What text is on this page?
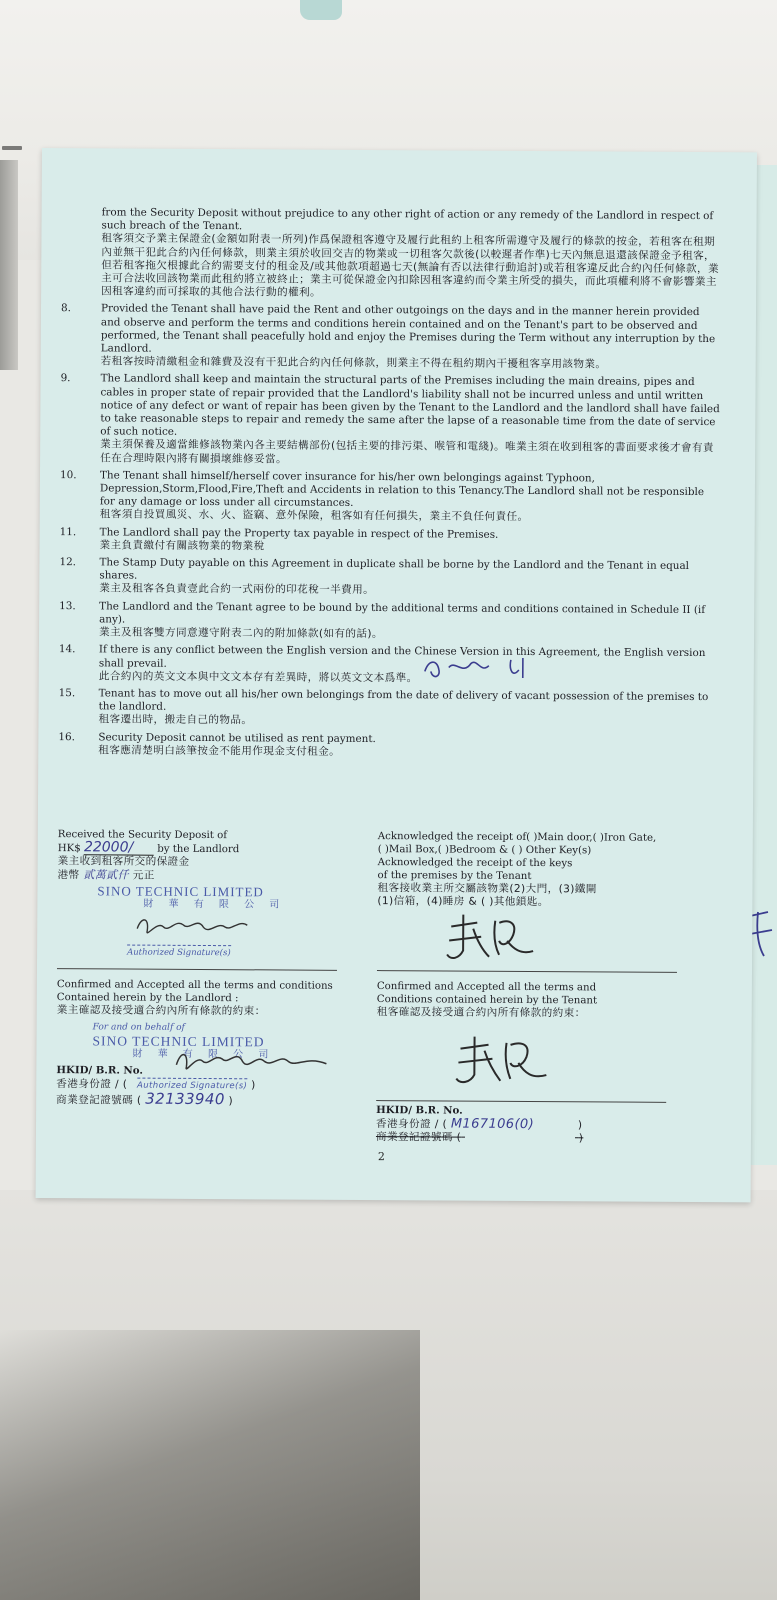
from the Security Deposit without prejudice to any other right of action or any remedy of the Landlord in respect of such breach of the Tenant.
租客須交予業主保證金(金額如附表一所列)作爲保證租客遵守及履行此租約上租客所需遵守及履行的條款的按金，若租客在租期內並無干犯此合約內任何條款，則業主須於收回交吉的物業或一切租客欠款後(以較遲者作準)七天內無息退還該保證金予租客，但若租客拖欠根據此合約需要支付的租金及/或其他款項超過七天(無論有否以法律行動追討)或若租客違反此合約內任何條款，業主可合法收回該物業而此租約將立被終止；業主可從保證金內扣除因租客違約而令業主所受的損失，而此項權利將不會影響業主因租客違約而可採取的其他合法行動的權利。
8.	Provided the Tenant shall have paid the Rent and other outgoings on the days and in the manner herein provided and observe and perform the terms and conditions herein contained and on the Tenant's part to be observed and performed, the Tenant shall peacefully hold and enjoy the Premises during the Term without any interruption by the Landlord.
若租客按時清繳租金和雜費及沒有干犯此合約內任何條款，則業主不得在租約期內干擾租客享用該物業。
9.	The Landlord shall keep and maintain the structural parts of the Premises including the main dreains, pipes and cables in proper state of repair provided that the Landlord's liability shall not be incurred unless and until written notice of any defect or want of repair has been given by the Tenant to the Landlord and the landlord shall have failed to take reasonable steps to repair and remedy the same after the lapse of a reasonable time from the date of service of such notice.
業主須保養及適當維修該物業內各主要結構部份(包括主要的排污渠、喉管和電綫)。唯業主須在收到租客的書面要求後才會有責任在合理時限內將有關損壞維修妥當。
10.	The Tenant shall himself/herself cover insurance for his/her own belongings against Typhoon, Depression,Storm,Flood,Fire,Theft and Accidents in relation to this Tenancy.The Landlord shall not be responsible for any damage or loss under all circumstances.
租客須自投買風災、水、火、盜竊、意外保險，租客如有任何損失，業主不負任何責任。
11.	The Landlord shall pay the Property tax payable in respect of the Premises.
業主負責繳付有關該物業的物業稅
12.	The Stamp Duty payable on this Agreement in duplicate shall be borne by the Landlord and the Tenant in equal shares.
業主及租客各負責壹此合約一式兩份的印花稅一半費用。
13.	The Landlord and the Tenant agree to be bound by the additional terms and conditions contained in Schedule II (if any).
業主及租客雙方同意遵守附表二內的附加條款(如有的話)。
14.	If there is any conflict between the English version and the Chinese Version in this Agreement, the English version shall prevail.
此合約內的英文文本與中文文本存有差異時，將以英文文本爲準。
15.	Tenant has to move out all his/her own belongings from the date of delivery of vacant possession of the premises to the landlord.
租客遷出時，搬走自己的物品。
16.	Security Deposit cannot be utilised as rent payment.
租客應清楚明白該筆按金不能用作現金支付租金。
Received the Security Deposit of
HK$ 22000/ by the Landlord
業主收到租客所交的保證金
港幣 貳萬貳仟 元正
SINO TECHNIC LIMITED
財 華 有 限 公 司
Authorized Signature(s)
Confirmed and Accepted all the terms and conditions
Contained herein by the Landlord :
業主確認及接受適合約內所有條款的約束：
For and on behalf of
SINO TECHNIC LIMITED
財 華 有 限 公 司
HKID/ B.R. No.
香港身份證 / ( Authorized Signature(s) )
商業登記證號碼 ( 32133940 )
Acknowledged the receipt of( )Main door,( )Iron Gate,
( )Mail Box,( )Bedroom & ( ) Other Key(s)
Acknowledged the receipt of the keys
of the premises by the Tenant
租客接收業主所交屬該物業(2)大門，(3)鐵閘
(1)信箱，(4)睡房 & ( )其他鎖匙。
Confirmed and Accepted all the terms and
Conditions contained herein by the Tenant
租客確認及接受適合約內所有條款的約束：
HKID/ B.R. No.
香港身份證 / ( M167106(0)	)
商業登記證號碼 (	)
2
